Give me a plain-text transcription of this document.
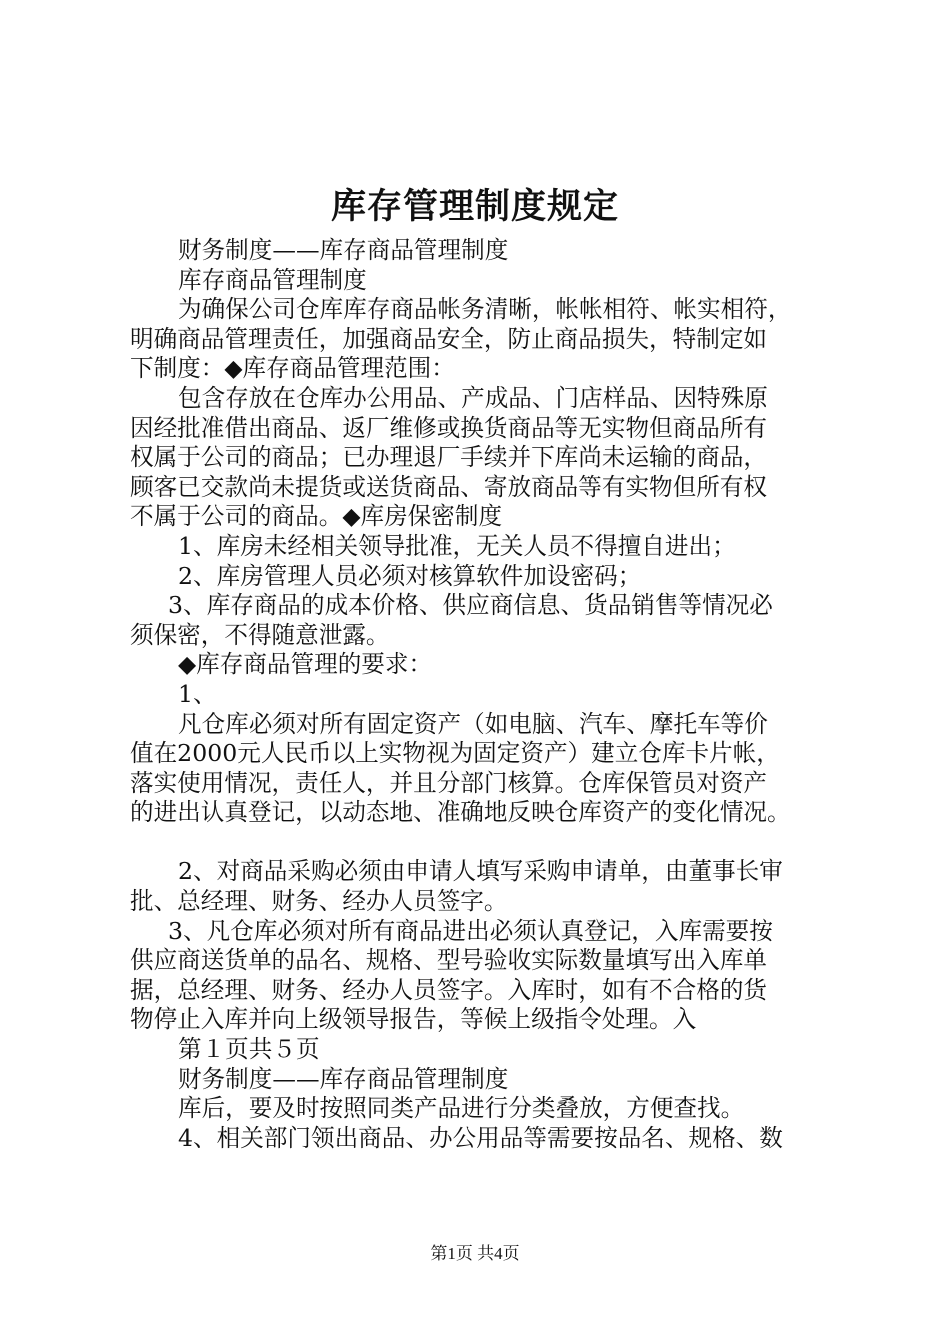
库存管理制度规定

财务制度——库存商品管理制度

库存商品管理制度

为确保公司仓库库存商品帐务清晰，帐帐相符、帐实相符，

明确商品管理责任，加强商品安全，防止商品损失，特制定如

下制度：◆库存商品管理范围：

包含存放在仓库办公用品、产成品、门店样品、因特殊原

因经批准借出商品、返厂维修或换货商品等无实物但商品所有

权属于公司的商品；已办理退厂手续并下库尚未运输的商品，

顾客已交款尚未提货或送货商品、寄放商品等有实物但所有权

不属于公司的商品。◆库房保密制度

1、库房未经相关领导批准，无关人员不得擅自进出；

2、库房管理人员必须对核算软件加设密码；

3、库存商品的成本价格、供应商信息、货品销售等情况必

须保密，不得随意泄露。

◆库存商品管理的要求：

1、

凡仓库必须对所有固定资产（如电脑、汽车、摩托车等价

值在2000元人民币以上实物视为固定资产）建立仓库卡片帐，

落实使用情况，责任人，并且分部门核算。仓库保管员对资产

的进出认真登记，以动态地、准确地反映仓库资产的变化情况。

2、对商品采购必须由申请人填写采购申请单，由董事长审

批、总经理、财务、经办人员签字。

3、凡仓库必须对所有商品进出必须认真登记，入库需要按

供应商送货单的品名、规格、型号验收实际数量填写出入库单

据，总经理、财务、经办人员签字。入库时，如有不合格的货

物停止入库并向上级领导报告，等候上级指令处理。入

第１页共５页

财务制度——库存商品管理制度

库后，要及时按照同类产品进行分类叠放，方便查找。

4、相关部门领出商品、办公用品等需要按品名、规格、数

第1页 共4页
